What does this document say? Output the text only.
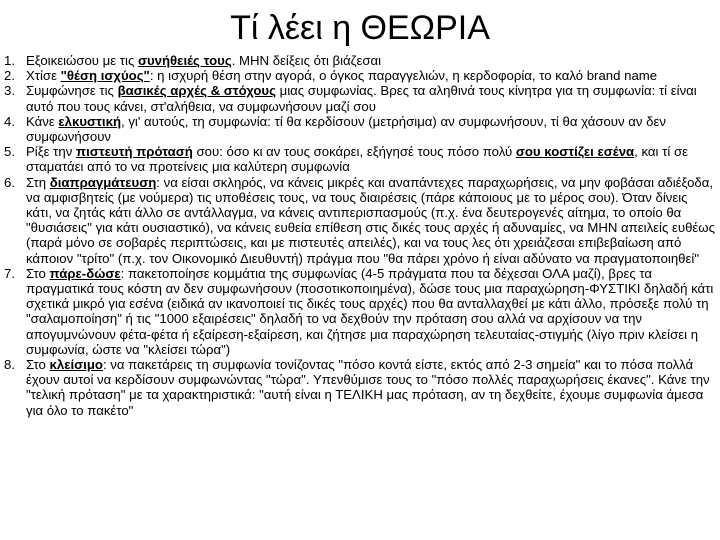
Τί λέει η ΘΕΩΡΙΑ
1. Εξοικειώσου με τις συνήθειές τους. ΜΗΝ δείξεις ότι βιάζεσαι
2. Χτίσε "θέση ισχύος": η ισχυρή θέση στην αγορά, ο όγκος παραγγελιών, η κερδοφορία, το καλό brand name
3. Συμφώνησε τις βασικές αρχές & στόχους μιας συμφωνίας. Βρες τα αληθινά τους κίνητρα για τη συμφωνία: τί είναι αυτό που τους κάνει, στ'αλήθεια, να συμφωνήσουν μαζί σου
4. Κάνε ελκυστική, γι' αυτούς, τη συμφωνία: τί θα κερδίσουν (μετρήσιμα) αν συμφωνήσουν, τί θα χάσουν αν δεν συμφωνήσουν
5. Ρίξε την πιστευτή πρότασή σου: όσο κι αν τους σοκάρει, εξήγησέ τους πόσο πολύ σου κοστίζει εσένα, και τί σε σταματάει από το να προτείνεις μια καλύτερη συμφωνία
6. Στη διαπραγμάτευση: να είσαι σκληρός, να κάνεις μικρές και αναπάντεχες παραχωρήσεις, να μην φοβάσαι αδιέξοδα, να αμφισβητείς (με νούμερα) τις υποθέσεις τους, να τους διαιρέσεις (πάρε κάποιους με το μέρος σου). Όταν δίνεις κάτι, να ζητάς κάτι άλλο σε αντάλλαγμα, να κάνεις αντιπερισπασμούς (π.χ. ένα δευτερογενές αίτημα, το οποίο θα "θυσιάσεις" για κάτι ουσιαστικό), να κάνεις ευθεία επίθεση στις δικές τους αρχές ή αδυναμίες, να ΜΗΝ απειλείς ευθέως (παρά μόνο σε σοβαρές περιπτώσεις, και με πιστευτές απειλές), και να τους λες ότι χρειάζεσαι επιβεβαίωση από κάποιον "τρίτο" (π.χ. τον Οικονομικό Διευθυντή) πράγμα που "θα πάρει χρόνο ή είναι αδύνατο να πραγματοποιηθεί"
7. Στο πάρε-δώσε: πακετοποίησε κομμάτια της συμφωνίας (4-5 πράγματα που τα δέχεσαι ΟΛΑ μαζί), βρες τα πραγματικά τους κόστη αν δεν συμφωνήσουν (ποσοτικοποιημένα), δώσε τους μια παραχώρηση-ΦΥΣΤΙΚΙ δηλαδή κάτι σχετικά μικρό για εσένα (ειδικά αν ικανοποιεί τις δικές τους αρχές) που θα ανταλλαχθεί με κάτι άλλο, πρόσεξε πολύ τη "σαλαμοποίηση" ή τις "1000 εξαιρέσεις" δηλαδή το να δεχθούν την πρόταση σου αλλά να αρχίσουν να την απογυμνώνουν φέτα-φέτα ή εξαίρεση-εξαίρεση, και ζήτησε μια παραχώρηση τελευταίας-στιγμής (λίγο πριν κλείσει η συμφωνία, ώστε να "κλείσει τώρα")
8. Στο κλείσιμο: να πακετάρεις τη συμφωνία τονίζοντας "πόσο κοντά είστε, εκτός από 2-3 σημεία" και το πόσα πολλά έχουν αυτοί να κερδίσουν συμφωνώντας "τώρα". Υπενθύμισε τους το "πόσο πολλές παραχωρήσεις έκανες". Κάνε την "τελική πρόταση" με τα χαρακτηριστικά: "αυτή είναι η ΤΕΛΙΚΗ μας πρόταση, αν τη δεχθείτε, έχουμε συμφωνία άμεσα για όλο το πακέτο"
